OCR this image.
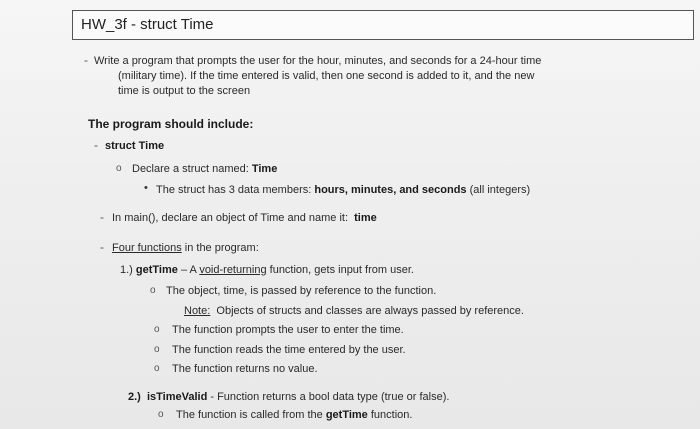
HW_3f - struct Time
- Write a program that prompts the user for the hour, minutes, and seconds for a 24-hour time
(military time). If the time entered is valid, then one second is added to it, and the new
time is output to the screen
The program should include:
- struct Time
o Declare a struct named: Time
• The struct has 3 data members: hours, minutes, and seconds (all integers)
- In main(), declare an object of Time and name it: time
- Four functions in the program:
1.) getTime – A void-returning function, gets input from user.
o The object, time, is passed by reference to the function.
Note: Objects of structs and classes are always passed by reference.
o The function prompts the user to enter the time.
o The function reads the time entered by the user.
o The function returns no value.
2.) isTimeValid - Function returns a bool data type (true or false).
o The function is called from the getTime function.
